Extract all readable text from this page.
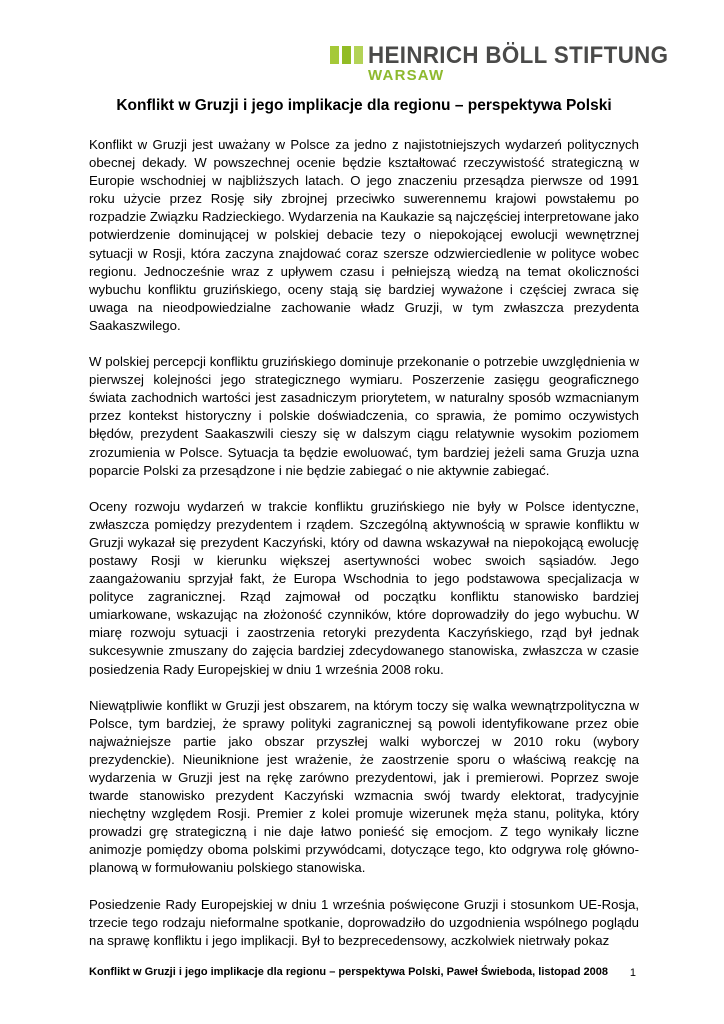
HEINRICH BÖLL STIFTUNG
WARSAW
Konflikt w Gruzji i jego implikacje dla regionu – perspektywa Polski

Konflikt w Gruzji jest uważany w Polsce za jedno z najistotniejszych wydarzeń politycznych obecnej dekady. W powszechnej ocenie będzie kształtować rzeczywistość strategiczną w Europie wschodniej w najbliższych latach. O jego znaczeniu przesądza pierwsze od 1991 roku użycie przez Rosję siły zbrojnej przeciwko suwerennemu krajowi powstałemu po rozpadzie Związku Radzieckiego. Wydarzenia na Kaukazie są najczęściej interpretowane jako potwierdzenie dominującej w polskiej debacie tezy o niepokojącej ewolucji wewnętrznej sytuacji w Rosji, która zaczyna znajdować coraz szersze odzwierciedlenie w polityce wobec regionu. Jednocześnie wraz z upływem czasu i pełniejszą wiedzą na temat okoliczności wybuchu konfliktu gruzińskiego, oceny stają się bardziej wyważone i częściej zwraca się uwaga na nieodpowiedzialne zachowanie władz Gruzji, w tym zwłaszcza prezydenta Saakaszwilego.

W polskiej percepcji konfliktu gruzińskiego dominuje przekonanie o potrzebie uwzględnienia w pierwszej kolejności jego strategicznego wymiaru. Poszerzenie zasięgu geograficznego świata zachodnich wartości jest zasadniczym priorytetem, w naturalny sposób wzmacnianym przez kontekst historyczny i polskie doświadczenia, co sprawia, że pomimo oczywistych błędów, prezydent Saakaszwili cieszy się w dalszym ciągu relatywnie wysokim poziomem zrozumienia w Polsce. Sytuacja ta będzie ewoluować, tym bardziej jeżeli sama Gruzja uzna poparcie Polski za przesądzone i nie będzie zabiegać o nie aktywnie zabiegać.

Oceny rozwoju wydarzeń w trakcie konfliktu gruzińskiego nie były w Polsce identyczne, zwłaszcza pomiędzy prezydentem i rządem. Szczególną aktywnością w sprawie konfliktu w Gruzji wykazał się prezydent Kaczyński, który od dawna wskazywał na niepokojącą ewolucję postawy Rosji w kierunku większej asertywności wobec swoich sąsiadów. Jego zaangażowaniu sprzyjał fakt, że Europa Wschodnia to jego podstawowa specjalizacja w polityce zagranicznej. Rząd zajmował od początku konfliktu stanowisko bardziej umiarkowane, wskazując na złożoność czynników, które doprowadziły do jego wybuchu. W miarę rozwoju sytuacji i zaostrzenia retoryki prezydenta Kaczyńskiego, rząd był jednak sukcesywnie zmuszany do zajęcia bardziej zdecydowanego stanowiska, zwłaszcza w czasie posiedzenia Rady Europejskiej w dniu 1 września 2008 roku.

Niewątpliwie konflikt w Gruzji jest obszarem, na którym toczy się walka wewnątrzpolityczna w Polsce, tym bardziej, że sprawy polityki zagranicznej są powoli identyfikowane przez obie najważniejsze partie jako obszar przyszłej walki wyborczej w 2010 roku (wybory prezydenckie). Nieuniknione jest wrażenie, że zaostrzenie sporu o właściwą reakcję na wydarzenia w Gruzji jest na rękę zarówno prezydentowi, jak i premierowi. Poprzez swoje twarde stanowisko prezydent Kaczyński wzmacnia swój twardy elektorat, tradycyjnie niechętny względem Rosji. Premier z kolei promuje wizerunek męża stanu, polityka, który prowadzi grę strategiczną i nie daje łatwo ponieść się emocjom. Z tego wynikały liczne animozje pomiędzy oboma polskimi przywódcami, dotyczące tego, kto odgrywa rolę główno-planową w formułowaniu polskiego stanowiska.

Posiedzenie Rady Europejskiej w dniu 1 września poświęcone Gruzji i stosunkom UE-Rosja, trzecie tego rodzaju nieformalne spotkanie, doprowadziło do uzgodnienia wspólnego poglądu na sprawę konfliktu i jego implikacji. Był to bezprecedensowy, aczkolwiek nietrwały pokaz

Konflikt w Gruzji i jego implikacje dla regionu – perspektywa Polski, Paweł Świeboda, listopad 2008	1
